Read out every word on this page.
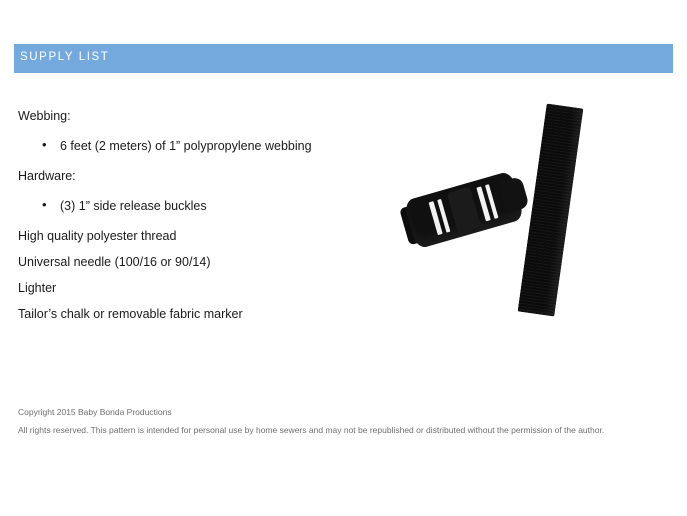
SUPPLY LIST

Webbing:

• 6 feet (2 meters) of 1” polypropylene webbing

Hardware:

• (3) 1” side release buckles

High quality polyester thread

Universal needle (100/16 or 90/14)

Lighter

Tailor’s chalk or removable fabric marker

Copyright 2015 Baby Bonda Productions

All rights reserved. This pattern is intended for personal use by home sewers and may not be republished or distributed without the permission of the author.
